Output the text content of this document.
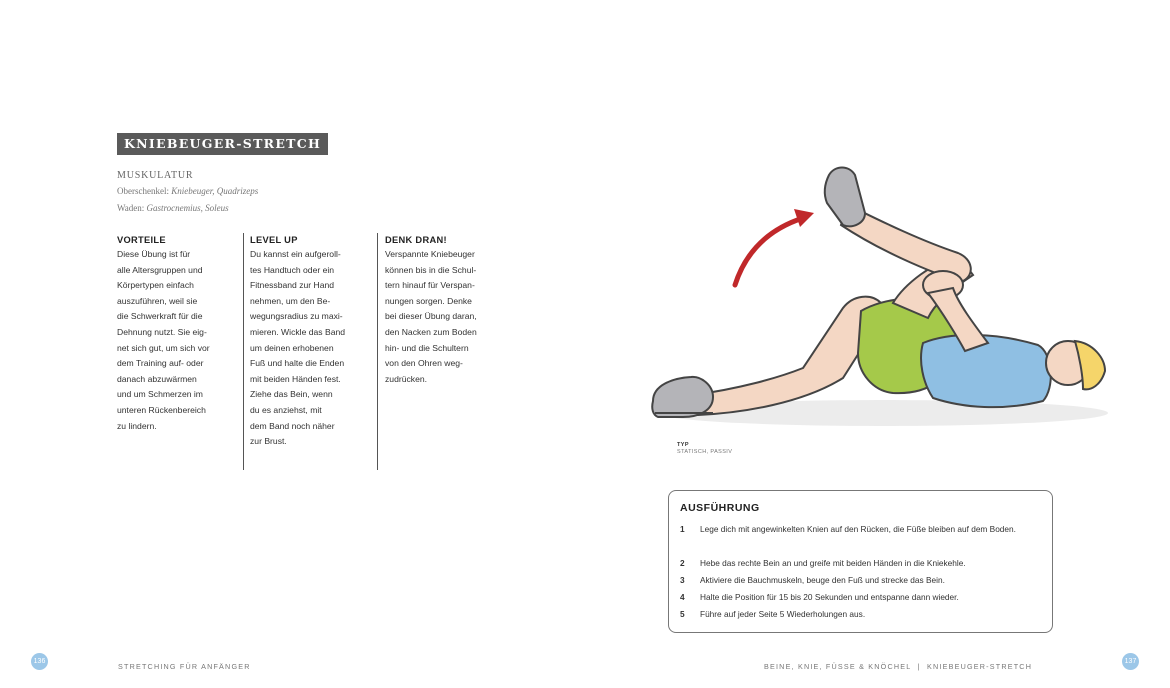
KNIEBEUGER-STRETCH
MUSKULATUR
Oberschenkel: Kniebeuger, Quadrizeps
Waden: Gastrocnemius, Soleus
VORTEILE
Diese Übung ist für
alle Altersgruppen und
Körpertypen einfach
auszuführen, weil sie
die Schwerkraft für die
Dehnung nutzt. Sie eig-
net sich gut, um sich vor
dem Training auf- oder
danach abzuwärmen
und um Schmerzen im
unteren Rückenbereich
zu lindern.
LEVEL UP
Du kannst ein aufgeroll-
tes Handtuch oder ein
Fitnessband zur Hand
nehmen, um den Be-
wegungsradius zu maxi-
mieren. Wickle das Band
um deinen erhobenen
Fuß und halte die Enden
mit beiden Händen fest.
Ziehe das Bein, wenn
du es anziehst, mit
dem Band noch näher
zur Brust.
DENK DRAN!
Verspannte Kniebeuger
können bis in die Schul-
tern hinauf für Verspan-
nungen sorgen. Denke
bei dieser Übung daran,
den Nacken zum Boden
hin- und die Schultern
von den Ohren weg-
zudrücken.
136
STRETCHING FÜR ANFÄNGER
TYP
STATISCH, PASSIV
AUSFÜHRUNG
1 Lege dich mit angewinkelten Knien auf den Rücken, die Füße bleiben auf dem Boden.
2 Hebe das rechte Bein an und greife mit beiden Händen in die Kniekehle.
3 Aktiviere die Bauchmuskeln, beuge den Fuß und strecke das Bein.
4 Halte die Position für 15 bis 20 Sekunden und entspanne dann wieder.
5 Führe auf jeder Seite 5 Wiederholungen aus.
BEINE, KNIE, FÜSSE & KNÖCHEL  |  KNIEBEUGER-STRETCH
137
